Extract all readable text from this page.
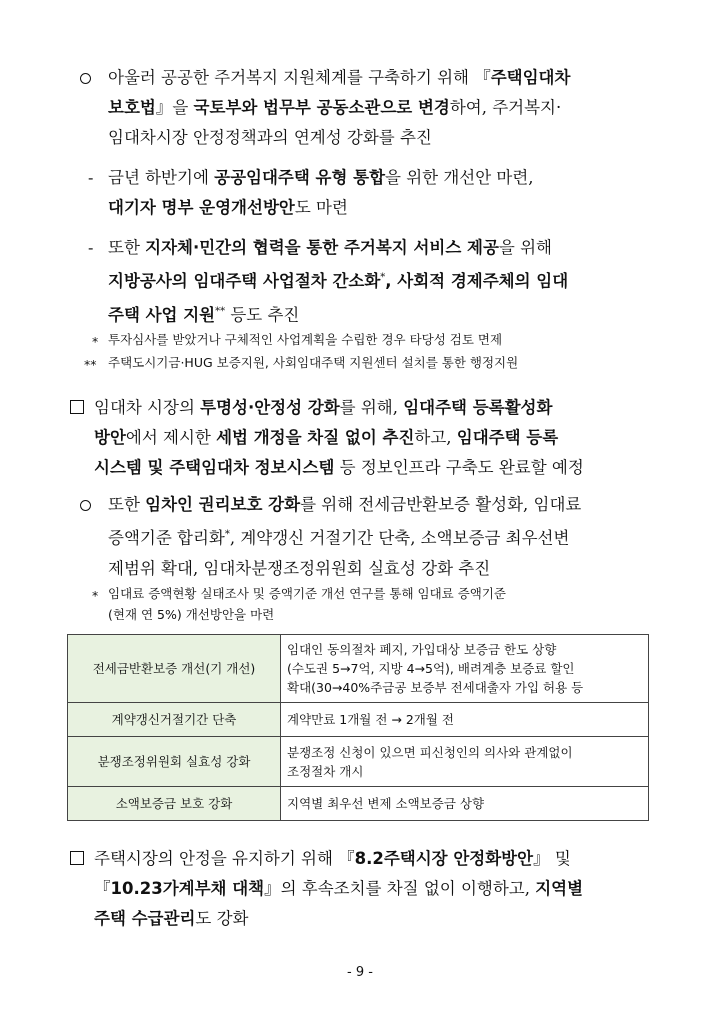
아울러 공공한 주거복지 지원체계를 구축하기 위해 『주택임대차
보호법』을 국토부와 법무부 공동소관으로 변경하여, 주거복지·
임대차시장 안정정책과의 연계성 강화를 추진
- 금년 하반기에 공공임대주택 유형 통합을 위한 개선안 마련,
대기자 명부 운영개선방안도 마련
- 또한 지자체·민간의 협력을 통한 주거복지 서비스 제공을 위해
지방공사의 임대주택 사업절차 간소화*, 사회적 경제주체의 임대
주택 사업 지원** 등도 추진
* 투자심사를 받았거나 구체적인 사업계획을 수립한 경우 타당성 검토 면제
** 주택도시기금·HUG 보증지원, 사회임대주택 지원센터 설치를 통한 행정지원
임대차 시장의 투명성·안정성 강화를 위해, 임대주택 등록활성화
방안에서 제시한 세법 개정을 차질 없이 추진하고, 임대주택 등록
시스템 및 주택임대차 정보시스템 등 정보인프라 구축도 완료할 예정
또한 임차인 권리보호 강화를 위해 전세금반환보증 활성화, 임대료
증액기준 합리화*, 계약갱신 거절기간 단축, 소액보증금 최우선변
제범위 확대, 임대차분쟁조정위원회 실효성 강화 추진
* 임대료 증액현황 실태조사 및 증액기준 개선 연구를 통해 임대료 증액기준
(현재 연 5%) 개선방안을 마련
전세금반환보증 개선(기 개선)	임대인 동의절차 폐지, 가입대상 보증금 한도 상향
(수도권 5→7억, 지방 4→5억), 배려계층 보증료 할인
확대(30→40%주금공 보증부 전세대출자 가입 허용 등

계약갱신거절기간 단축	계약만료 1개월 전 → 2개월 전

분쟁조정위원회 실효성 강화	분쟁조정 신청이 있으면 피신청인의 의사와 관계없이
조정절차 개시

소액보증금 보호 강화	지역별 최우선 변제 소액보증금 상향
주택시장의 안정을 유지하기 위해 『8.2주택시장 안정화방안』 및
『10.23가계부채 대책』의 후속조치를 차질 없이 이행하고, 지역별
주택 수급관리도 강화
- 9 -
